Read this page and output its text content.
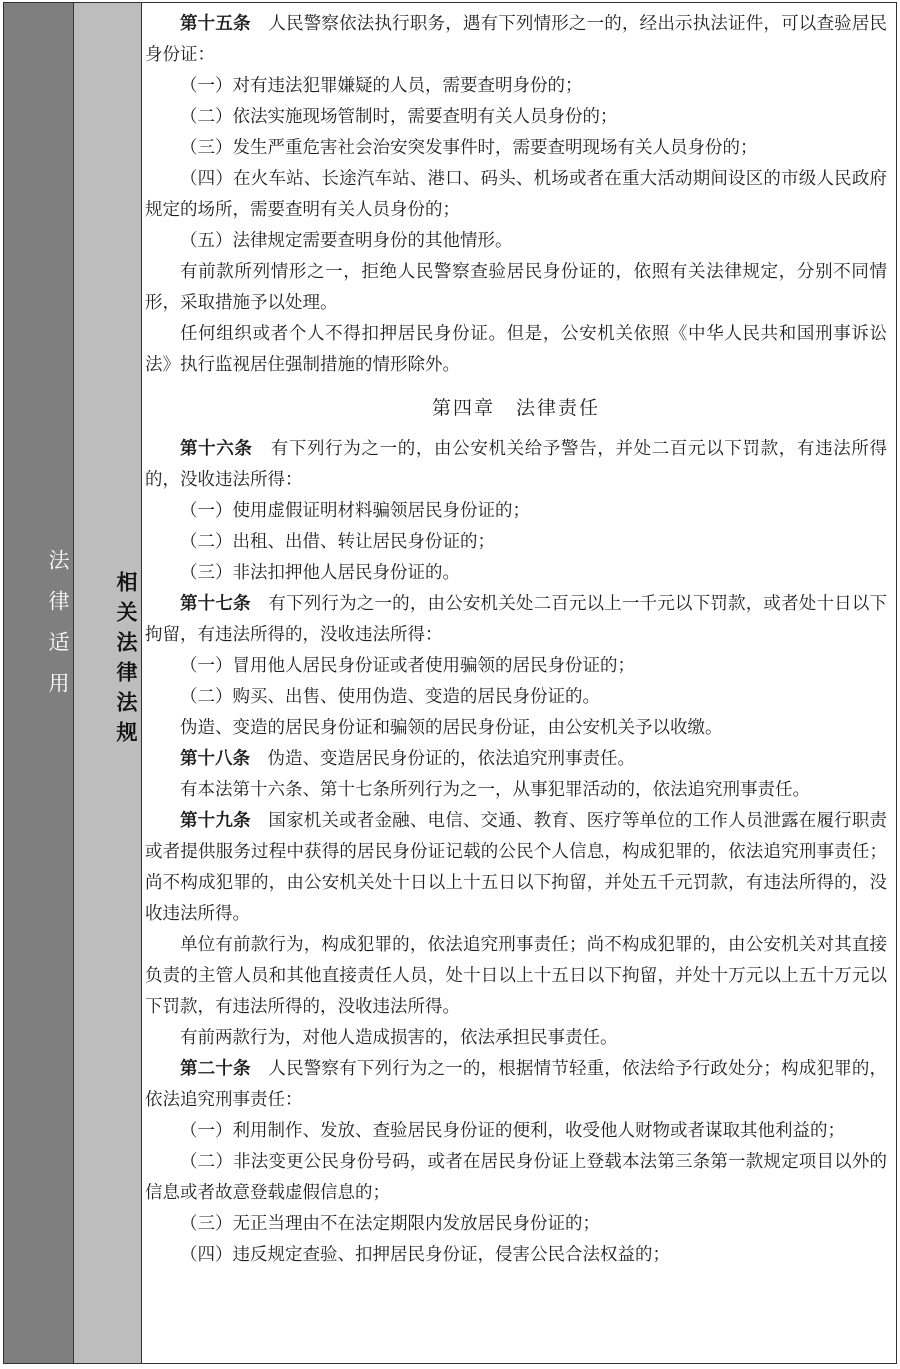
法律适用	相关法律法规

第十五条　人民警察依法执行职务，遇有下列情形之一的，经出示执法证件，可以查验居民身份证：

（一）对有违法犯罪嫌疑的人员，需要查明身份的；

（二）依法实施现场管制时，需要查明有关人员身份的；

（三）发生严重危害社会治安突发事件时，需要查明现场有关人员身份的；

（四）在火车站、长途汽车站、港口、码头、机场或者在重大活动期间设区的市级人民政府规定的场所，需要查明有关人员身份的；

（五）法律规定需要查明身份的其他情形。

有前款所列情形之一，拒绝人民警察查验居民身份证的，依照有关法律规定，分别不同情形，采取措施予以处理。

任何组织或者个人不得扣押居民身份证。但是，公安机关依照《中华人民共和国刑事诉讼法》执行监视居住强制措施的情形除外。

第四章　法律责任

第十六条　有下列行为之一的，由公安机关给予警告，并处二百元以下罚款，有违法所得的，没收违法所得：

（一）使用虚假证明材料骗领居民身份证的；

（二）出租、出借、转让居民身份证的；

（三）非法扣押他人居民身份证的。

第十七条　有下列行为之一的，由公安机关处二百元以上一千元以下罚款，或者处十日以下拘留，有违法所得的，没收违法所得：

（一）冒用他人居民身份证或者使用骗领的居民身份证的；

（二）购买、出售、使用伪造、变造的居民身份证的。

伪造、变造的居民身份证和骗领的居民身份证，由公安机关予以收缴。

第十八条　伪造、变造居民身份证的，依法追究刑事责任。

有本法第十六条、第十七条所列行为之一，从事犯罪活动的，依法追究刑事责任。

第十九条　国家机关或者金融、电信、交通、教育、医疗等单位的工作人员泄露在履行职责或者提供服务过程中获得的居民身份证记载的公民个人信息，构成犯罪的，依法追究刑事责任；尚不构成犯罪的，由公安机关处十日以上十五日以下拘留，并处五千元罚款，有违法所得的，没收违法所得。

单位有前款行为，构成犯罪的，依法追究刑事责任；尚不构成犯罪的，由公安机关对其直接负责的主管人员和其他直接责任人员，处十日以上十五日以下拘留，并处十万元以上五十万元以下罚款，有违法所得的，没收违法所得。

有前两款行为，对他人造成损害的，依法承担民事责任。

第二十条　人民警察有下列行为之一的，根据情节轻重，依法给予行政处分；构成犯罪的，依法追究刑事责任：

（一）利用制作、发放、查验居民身份证的便利，收受他人财物或者谋取其他利益的；

（二）非法变更公民身份号码，或者在居民身份证上登载本法第三条第一款规定项目以外的信息或者故意登载虚假信息的；

（三）无正当理由不在法定期限内发放居民身份证的；

（四）违反规定查验、扣押居民身份证，侵害公民合法权益的；
